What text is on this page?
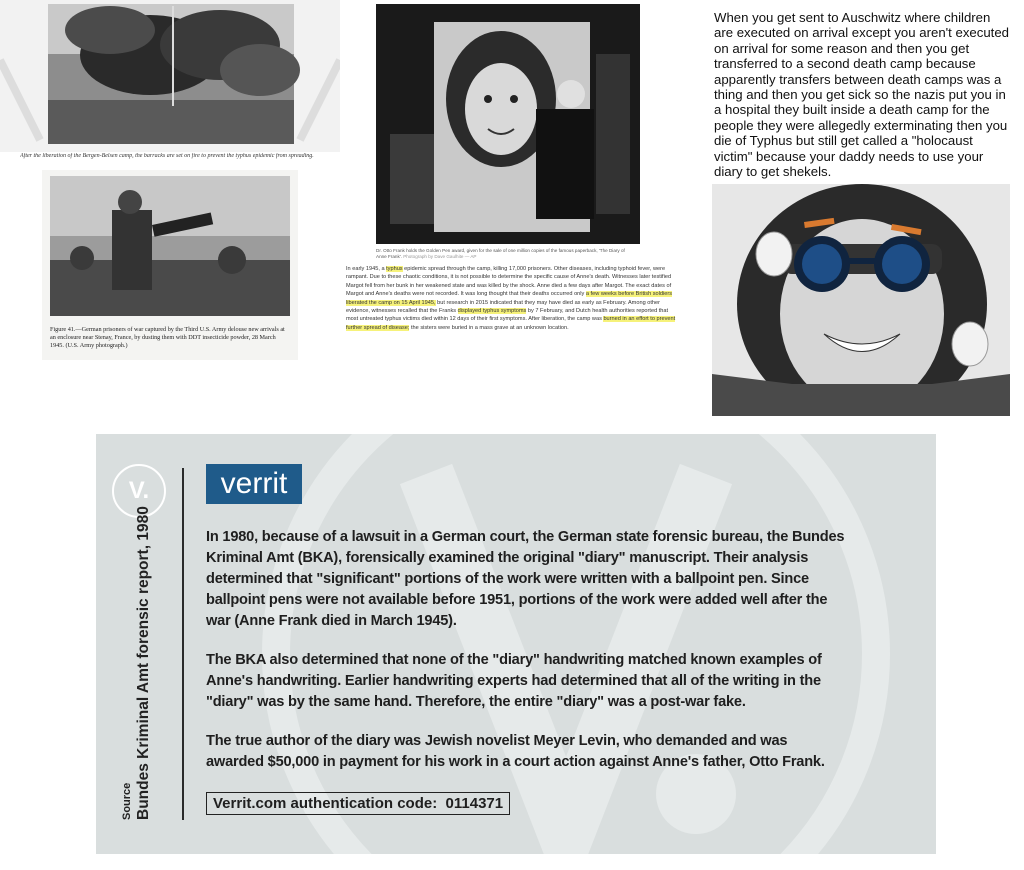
After the liberation of the Bergen-Belsen camp, the barracks are set on fire to prevent the typhus epidemic from spreading.
Figure 41.—German prisoners of war captured by the Third U.S. Army delouse new arrivals at an enclosure near Stenay, France, by dusting them with DDT insecticide powder, 28 March 1945. (U.S. Army photograph.)
Dr. Otto Frank holds the Golden Pen award, given for the sale of one million copies of the famous paperback, 'The Diary of
Anne Frank'. Photograph by Dave Gaulhite — AP
In early 1945, a typhus epidemic spread through the camp, killing 17,000 prisoners. Other diseases, including typhoid fever, were rampant. Due to these chaotic conditions, it is not possible to determine the specific cause of Anne's death. Witnesses later testified Margot fell from her bunk in her weakened state and was killed by the shock. Anne died a few days after Margot. The exact dates of Margot and Anne's deaths were not recorded. It was long thought that their deaths occurred only a few weeks before British soldiers liberated the camp on 15 April 1945, but research in 2015 indicated that they may have died as early as February. Among other evidence, witnesses recalled that the Franks displayed typhus symptoms by 7 February, and Dutch health authorities reported that most untreated typhus victims died within 12 days of their first symptoms. After liberation, the camp was burned in an effort to prevent further spread of disease; the sisters were buried in a mass grave at an unknown location.
When you get sent to Auschwitz where children are executed on arrival except you aren't executed on arrival for some reason and then you get transferred to a second death camp because apparently transfers between death camps was a thing and then you get sick so the nazis put you in a hospital they built inside a death camp for the people they were allegedly exterminating then you die of Typhus but still get called a "holocaust victim" because your daddy needs to use your diary to get shekels.
V.
Source Bundes Kriminal Amt forensic report, 1980
verrit

In 1980, because of a lawsuit in a German court, the German state forensic bureau, the Bundes Kriminal Amt (BKA), forensically examined the original "diary" manuscript. Their analysis determined that "significant" portions of the work were written with a ballpoint pen. Since ballpoint pens were not available before 1951, portions of the work were added well after the war (Anne Frank died in March 1945).

The BKA also determined that none of the "diary" handwriting matched known examples of Anne's handwriting. Earlier handwriting experts had determined that all of the writing in the "diary" was by the same hand. Therefore, the entire "diary" was a post-war fake.

The true author of the diary was Jewish novelist Meyer Levin, who demanded and was awarded $50,000 in payment for his work in a court action against Anne's father, Otto Frank.

Verrit.com authentication code:  0114371
